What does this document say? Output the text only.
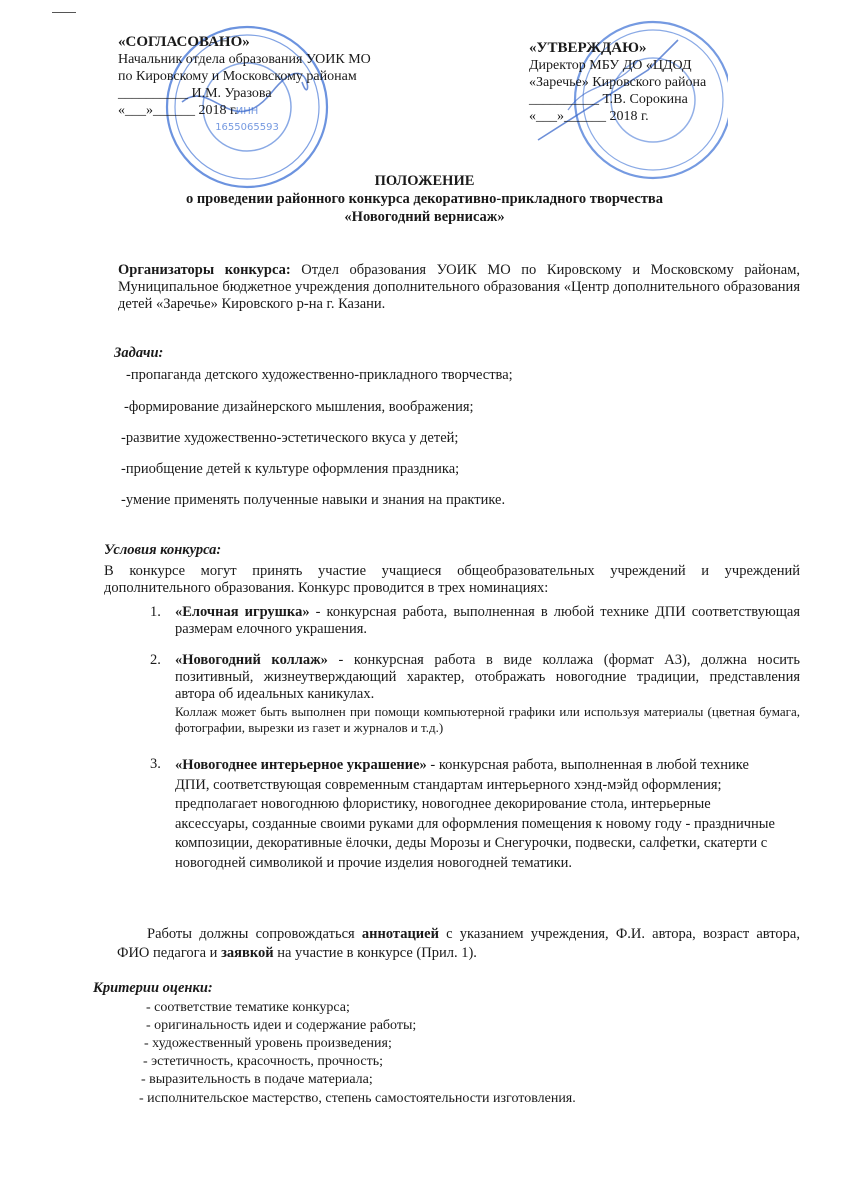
ИНН
1655065593
«СОГЛАСОВАНО»
Начальник отдела образования УОИК МО
по Кировскому и Московскому районам
__________ И.М. Уразова
«___»______ 2018 г.
«УТВЕРЖДАЮ»
Директор МБУ ДО «ЦДОД
«Заречье» Кировского района
__________ Т.В. Сорокина
«___»______ 2018 г.
ПОЛОЖЕНИЕ
о проведении районного конкурса декоративно-прикладного творчества
«Новогодний вернисаж»
Организаторы конкурса: Отдел образования УОИК МО по Кировскому и Московскому районам, Муниципальное бюджетное учреждения дополнительного образования «Центр дополнительного образования детей «Заречье» Кировского р-на г. Казани.
Задачи:
-пропаганда детского художественно-прикладного творчества;
-формирование дизайнерского мышления, воображения;
-развитие художественно-эстетического вкуса у детей;
-приобщение детей к культуре оформления праздника;
-умение применять полученные навыки и знания на практике.
Условия конкурса:
В конкурсе могут принять участие учащиеся общеобразовательных учреждений и учреждений дополнительного образования. Конкурс проводится в трех номинациях:
1. «Елочная игрушка» - конкурсная работа, выполненная в любой технике ДПИ соответствующая размерам елочного украшения.
2. «Новогодний коллаж» - конкурсная работа в виде коллажа (формат А3), должна носить позитивный, жизнеутверждающий характер, отображать новогодние традиции, представления автора об идеальных каникулах.
Коллаж может быть выполнен при помощи компьютерной графики или используя материалы (цветная бумага, фотографии, вырезки из газет и журналов и т.д.)
3. «Новогоднее интерьерное украшение» - конкурсная работа, выполненная в любой технике ДПИ, соответствующая современным стандартам интерьерного хэнд-мэйд оформления; предполагает новогоднюю флористику, новогоднее декорирование стола, интерьерные аксессуары, созданные своими руками для оформления помещения к новому году - праздничные композиции, декоративные ёлочки, деды Морозы и Снегурочки, подвески, салфетки, скатерти с новогодней символикой и прочие изделия новогодней тематики.
Работы должны сопровождаться аннотацией с указанием учреждения, Ф.И. автора, возраст автора, ФИО педагога и заявкой на участие в конкурсе (Прил. 1).
Критерии оценки:
- соответствие тематике конкурса;
- оригинальность идеи и содержание работы;
- художественный уровень произведения;
- эстетичность, красочность, прочность;
- выразительность в подаче материала;
- исполнительское мастерство, степень самостоятельности изготовления.
